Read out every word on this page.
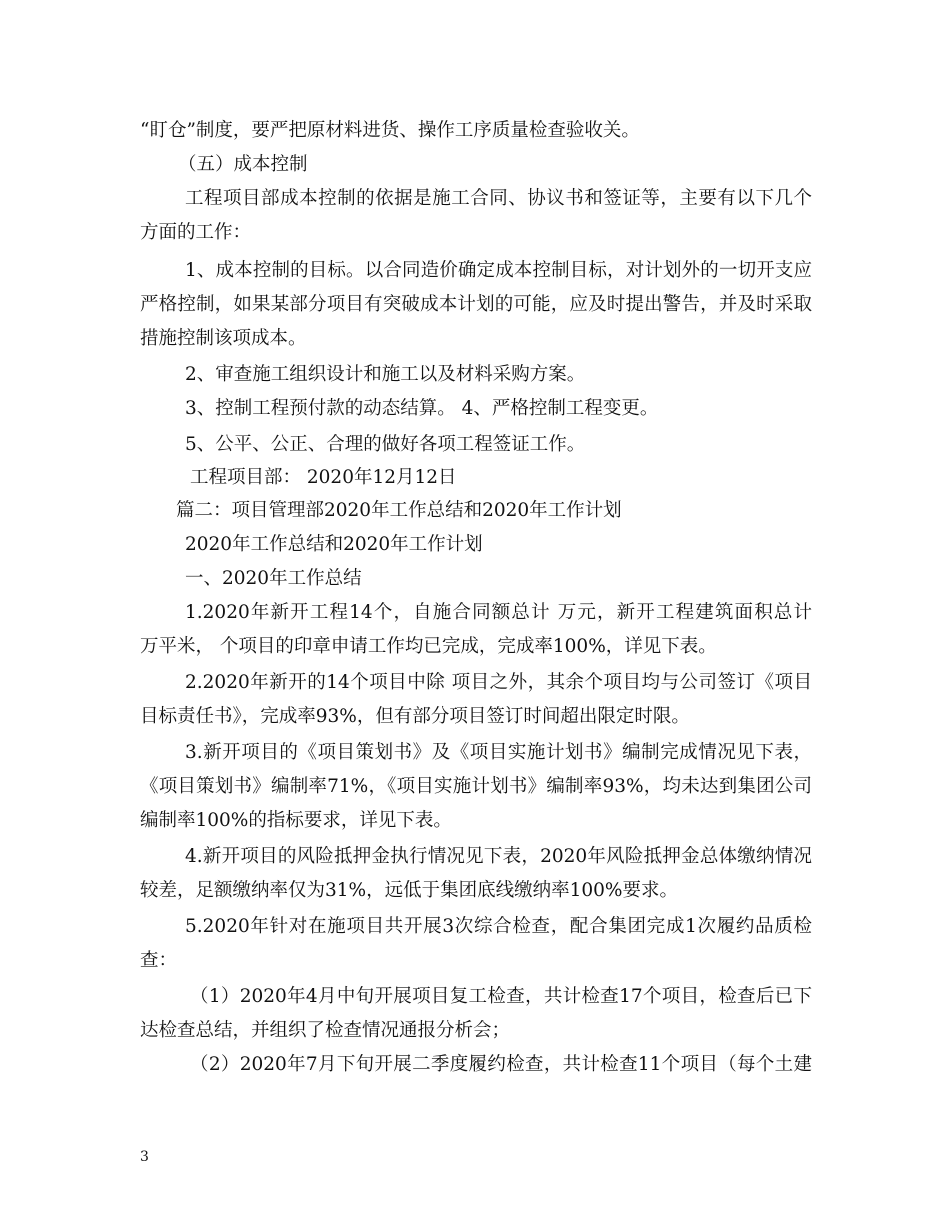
“盯仓”制度，要严把原材料进货、操作工序质量检查验收关。
（五）成本控制
工程项目部成本控制的依据是施工合同、协议书和签证等，主要有以下几个
方面的工作：
1、成本控制的目标。以合同造价确定成本控制目标，对计划外的一切开支应
严格控制，如果某部分项目有突破成本计划的可能，应及时提出警告，并及时采取
措施控制该项成本。
2、审查施工组织设计和施工以及材料采购方案。
3、控制工程预付款的动态结算。 4、严格控制工程变更。
5、公平、公正、合理的做好各项工程签证工作。
工程项目部： 2020年12月12日
篇二：项目管理部2020年工作总结和2020年工作计划
2020年工作总结和2020年工作计划
一、2020年工作总结
1.2020年新开工程14个，自施合同额总计 万元，新开工程建筑面积总计
万平米， 个项目的印章申请工作均已完成，完成率100%，详见下表。
2.2020年新开的14个项目中除 项目之外，其余个项目均与公司签订《项目
目标责任书》，完成率93%，但有部分项目签订时间超出限定时限。
3.新开项目的《项目策划书》及《项目实施计划书》编制完成情况见下表，
《项目策划书》编制率71%，《项目实施计划书》编制率93%，均未达到集团公司
编制率100%的指标要求，详见下表。
4.新开项目的风险抵押金执行情况见下表，2020年风险抵押金总体缴纳情况
较差，足额缴纳率仅为31%，远低于集团底线缴纳率100%要求。
5.2020年针对在施项目共开展3次综合检查，配合集团完成1次履约品质检
查：
（1）2020年4月中旬开展项目复工检查，共计检查17个项目，检查后已下
达检查总结，并组织了检查情况通报分析会；
（2）2020年7月下旬开展二季度履约检查，共计检查11个项目（每个土建
3
